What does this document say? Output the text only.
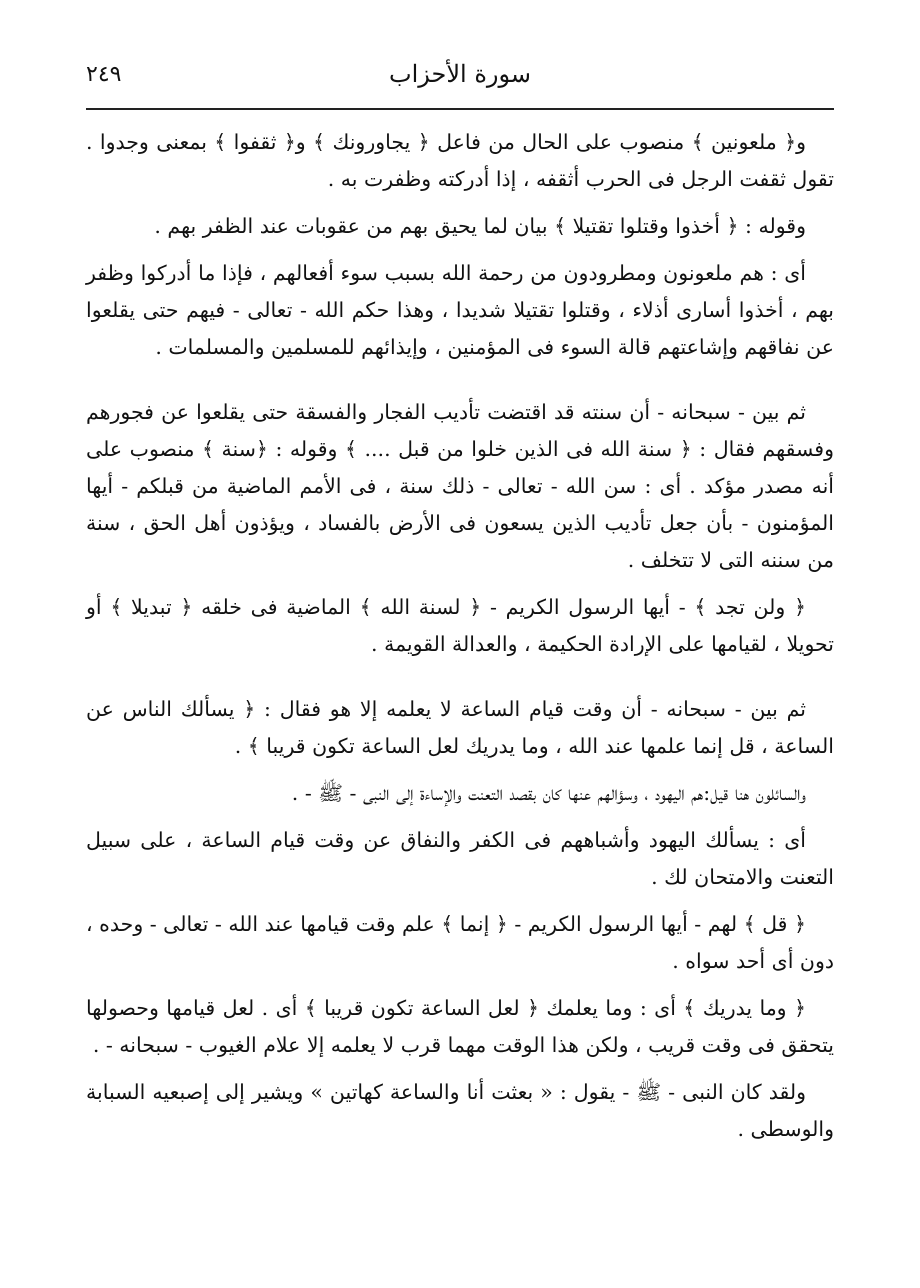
٢٤٩	سورة الأحزاب

و﴿ ملعونين ﴾ منصوب على الحال من فاعل ﴿ يجاورونك ﴾ و﴿ ثقفوا ﴾ بمعنى وجدوا . تقول ثقفت الرجل فى الحرب أثقفه ، إذا أدركته وظفرت به .

وقوله : ﴿ أخذوا وقتلوا تقتيلا ﴾ بيان لما يحيق بهم من عقوبات عند الظفر بهم .

أى : هم ملعونون ومطرودون من رحمة الله بسبب سوء أفعالهم ، فإذا ما أدركوا وظفر بهم ، أخذوا أسارى أذلاء ، وقتلوا تقتيلا شديدا ، وهذا حكم الله - تعالى - فيهم حتى يقلعوا عن نفاقهم وإشاعتهم قالة السوء فى المؤمنين ، وإيذائهم للمسلمين والمسلمات .

ثم بين - سبحانه - أن سنته قد اقتضت تأديب الفجار والفسقة حتى يقلعوا عن فجورهم وفسقهم فقال : ﴿ سنة الله فى الذين خلوا من قبل .... ﴾ وقوله : ﴿سنة ﴾ منصوب على أنه مصدر مؤكد . أى : سن الله - تعالى - ذلك سنة ، فى الأمم الماضية من قبلكم - أيها المؤمنون - بأن جعل تأديب الذين يسعون فى الأرض بالفساد ، ويؤذون أهل الحق ، سنة من سننه التى لا تتخلف .

﴿ ولن تجد ﴾ - أيها الرسول الكريم - ﴿ لسنة الله ﴾ الماضية فى خلقه ﴿ تبديلا ﴾ أو تحويلا ، لقيامها على الإرادة الحكيمة ، والعدالة القويمة .

ثم بين - سبحانه - أن وقت قيام الساعة لا يعلمه إلا هو فقال : ﴿ يسألك الناس عن الساعة ، قل إنما علمها عند الله ، وما يدريك لعل الساعة تكون قريبا ﴾ .

والسائلون هنا قيل:هم اليهود ، وسؤالهم عنها كان بقصد التعنت والإساءة إلى النبى - ﷺ - .

أى : يسألك اليهود وأشباههم فى الكفر والنفاق عن وقت قيام الساعة ، على سبيل التعنت والامتحان لك .

﴿ قل ﴾ لهم - أيها الرسول الكريم - ﴿ إنما ﴾ علم وقت قيامها عند الله - تعالى - وحده ، دون أى أحد سواه .

﴿ وما يدريك ﴾ أى : وما يعلمك ﴿ لعل الساعة تكون قريبا ﴾ أى . لعل قيامها وحصولها يتحقق فى وقت قريب ، ولكن هذا الوقت مهما قرب لا يعلمه إلا علام الغيوب - سبحانه - .

ولقد كان النبى - ﷺ - يقول : « بعثت أنا والساعة كهاتين » ويشير إلى إصبعيه السبابة والوسطى .
